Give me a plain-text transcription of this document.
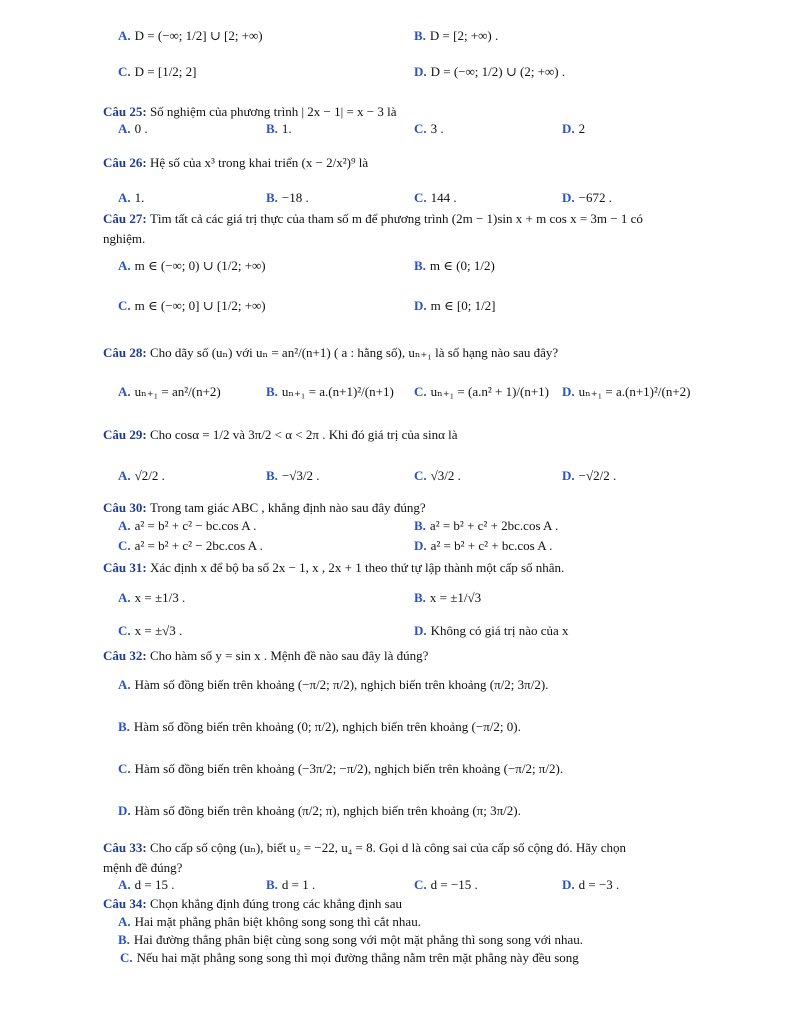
A. D = (−∞; 1/2] ∪ [2; +∞)	B. D = [2; +∞) .
C. D = [1/2; 2]	D. D = (−∞; 1/2) ∪ (2; +∞) .
Câu 25: Số nghiệm của phương trình | 2x − 1| = x − 3 là
A. 0 .	B. 1.	C. 3 .	D. 2
Câu 26: Hệ số của x³ trong khai triển (x − 2/x²)⁹ là
A. 1.	B. −18 .	C. 144 .	D. −672 .
Câu 27: Tìm tất cả các giá trị thực của tham số m để phương trình (2m − 1)sin x + m cos x = 3m − 1 có
nghiệm.
A. m ∈ (−∞; 0) ∪ (1/2; +∞)	B. m ∈ (0; 1/2)
C. m ∈ (−∞; 0] ∪ [1/2; +∞)	D. m ∈ [0; 1/2]
Câu 28: Cho dãy số (uₙ) với uₙ = an²/(n+1) ( a : hằng số), uₙ₊₁ là số hạng nào sau đây?
A. uₙ₊₁ = an²/(n+2)	B. uₙ₊₁ = a.(n+1)²/(n+1) C. uₙ₊₁ = (a.n² + 1)/(n+1) D. uₙ₊₁ = a.(n+1)²/(n+2)
Câu 29: Cho cosα = 1/2 và 3π/2 < α < 2π . Khi đó giá trị của sinα là
A. √2/2 .	B. −√3/2 .	C. √3/2 .	D. −√2/2 .
Câu 30: Trong tam giác ABC , khẳng định nào sau đây đúng?
A. a² = b² + c² − bc.cos A .	B. a² = b² + c² + 2bc.cos A .
C. a² = b² + c² − 2bc.cos A .	D. a² = b² + c² + bc.cos A .
Câu 31: Xác định x để bộ ba số 2x − 1, x , 2x + 1 theo thứ tự lập thành một cấp số nhân.
A. x = ±1/3 .	B. x = ±1/√3
C. x = ±√3 .	D. Không có giá trị nào của x
Câu 32: Cho hàm số y = sin x . Mệnh đề nào sau đây là đúng?
A. Hàm số đồng biến trên khoảng (−π/2; π/2), nghịch biến trên khoảng (π/2; 3π/2).
B. Hàm số đồng biến trên khoảng (0; π/2), nghịch biến trên khoảng (−π/2; 0).
C. Hàm số đồng biến trên khoảng (−3π/2; −π/2), nghịch biến trên khoảng (−π/2; π/2).
D. Hàm số đồng biến trên khoảng (π/2; π), nghịch biến trên khoảng (π; 3π/2).
Câu 33: Cho cấp số cộng (uₙ), biết u₂ = −22, u₄ = 8. Gọi d là công sai của cấp số cộng đó. Hãy chọn
mệnh đề đúng?
A. d = 15 .	B. d = 1 .	C. d = −15 .	D. d = −3 .
Câu 34: Chọn khẳng định đúng trong các khẳng định sau
A. Hai mặt phẳng phân biệt không song song thì cắt nhau.
B. Hai đường thẳng phân biệt cùng song song với một mặt phẳng thì song song với nhau.
C. Nếu hai mặt phẳng song song thì mọi đường thẳng nằm trên mặt phẳng này đều song
